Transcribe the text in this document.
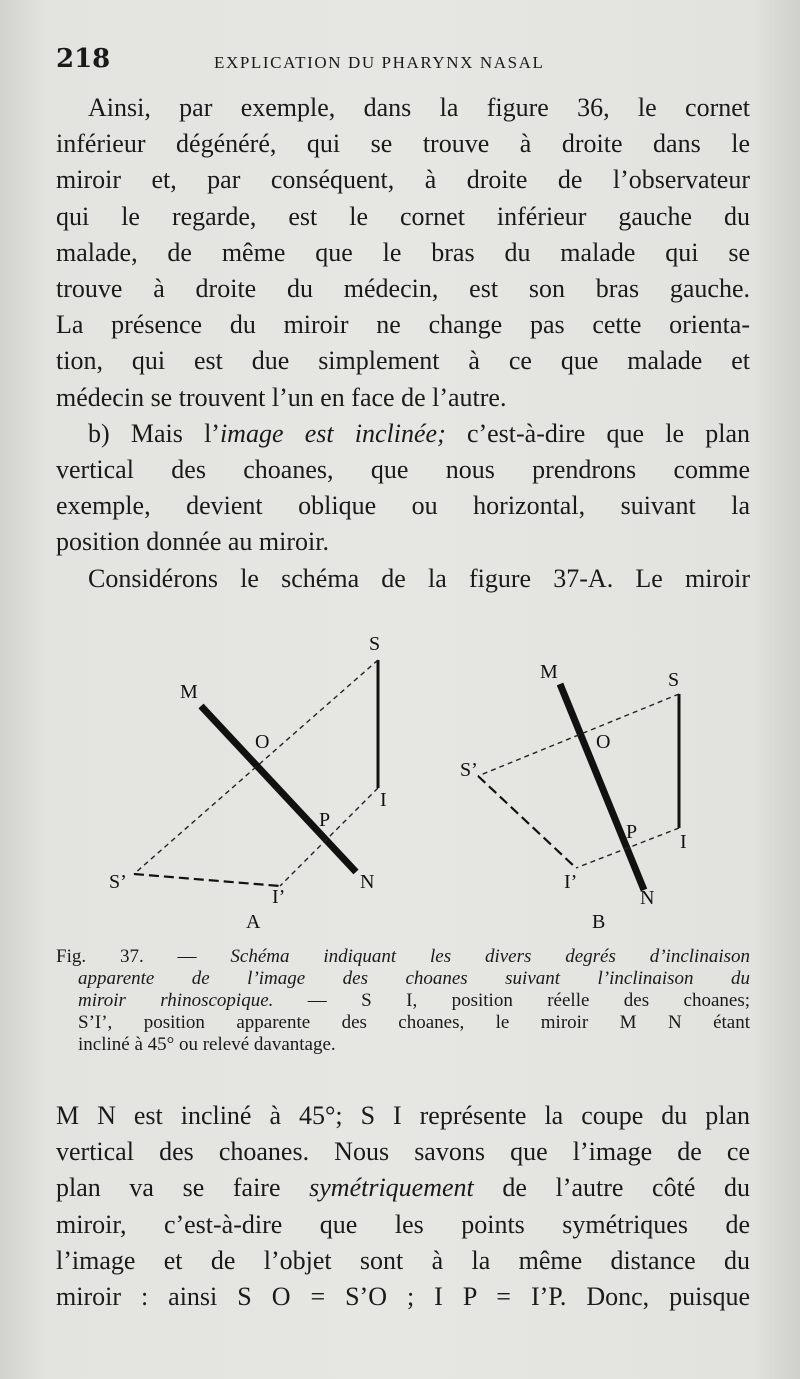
218	EXPLICATION DU PHARYNX NASAL
Ainsi, par exemple, dans la figure 36, le cornet
inférieur dégénéré, qui se trouve à droite dans le
miroir et, par conséquent, à droite de l’observateur
qui le regarde, est le cornet inférieur gauche du
malade, de même que le bras du malade qui se
trouve à droite du médecin, est son bras gauche.
La présence du miroir ne change pas cette orienta-
tion, qui est due simplement à ce que malade et
médecin se trouvent l’un en face de l’autre.
b) Mais l’image est inclinée; c’est-à-dire que le plan
vertical des choanes, que nous prendrons comme
exemple, devient oblique ou horizontal, suivant la
position donnée au miroir.
Considérons le schéma de la figure 37-A. Le miroir
S
I
M
O
P
N
S’
I’
A
S
I
M
O
P
N
S’
I’
B
Fig. 37. — Schéma indiquant les divers degrés d’inclinaison
apparente de l’image des choanes suivant l’inclinaison du
miroir rhinoscopique. — S I, position réelle des choanes;
S’I’, position apparente des choanes, le miroir M N étant
incliné à 45° ou relevé davantage.
M N est incliné à 45°; S I représente la coupe du plan
vertical des choanes. Nous savons que l’image de ce
plan va se faire symétriquement de l’autre côté du
miroir, c’est-à-dire que les points symétriques de
l’image et de l’objet sont à la même distance du
miroir : ainsi S O = S’O ; I P = I’P. Donc, puisque
